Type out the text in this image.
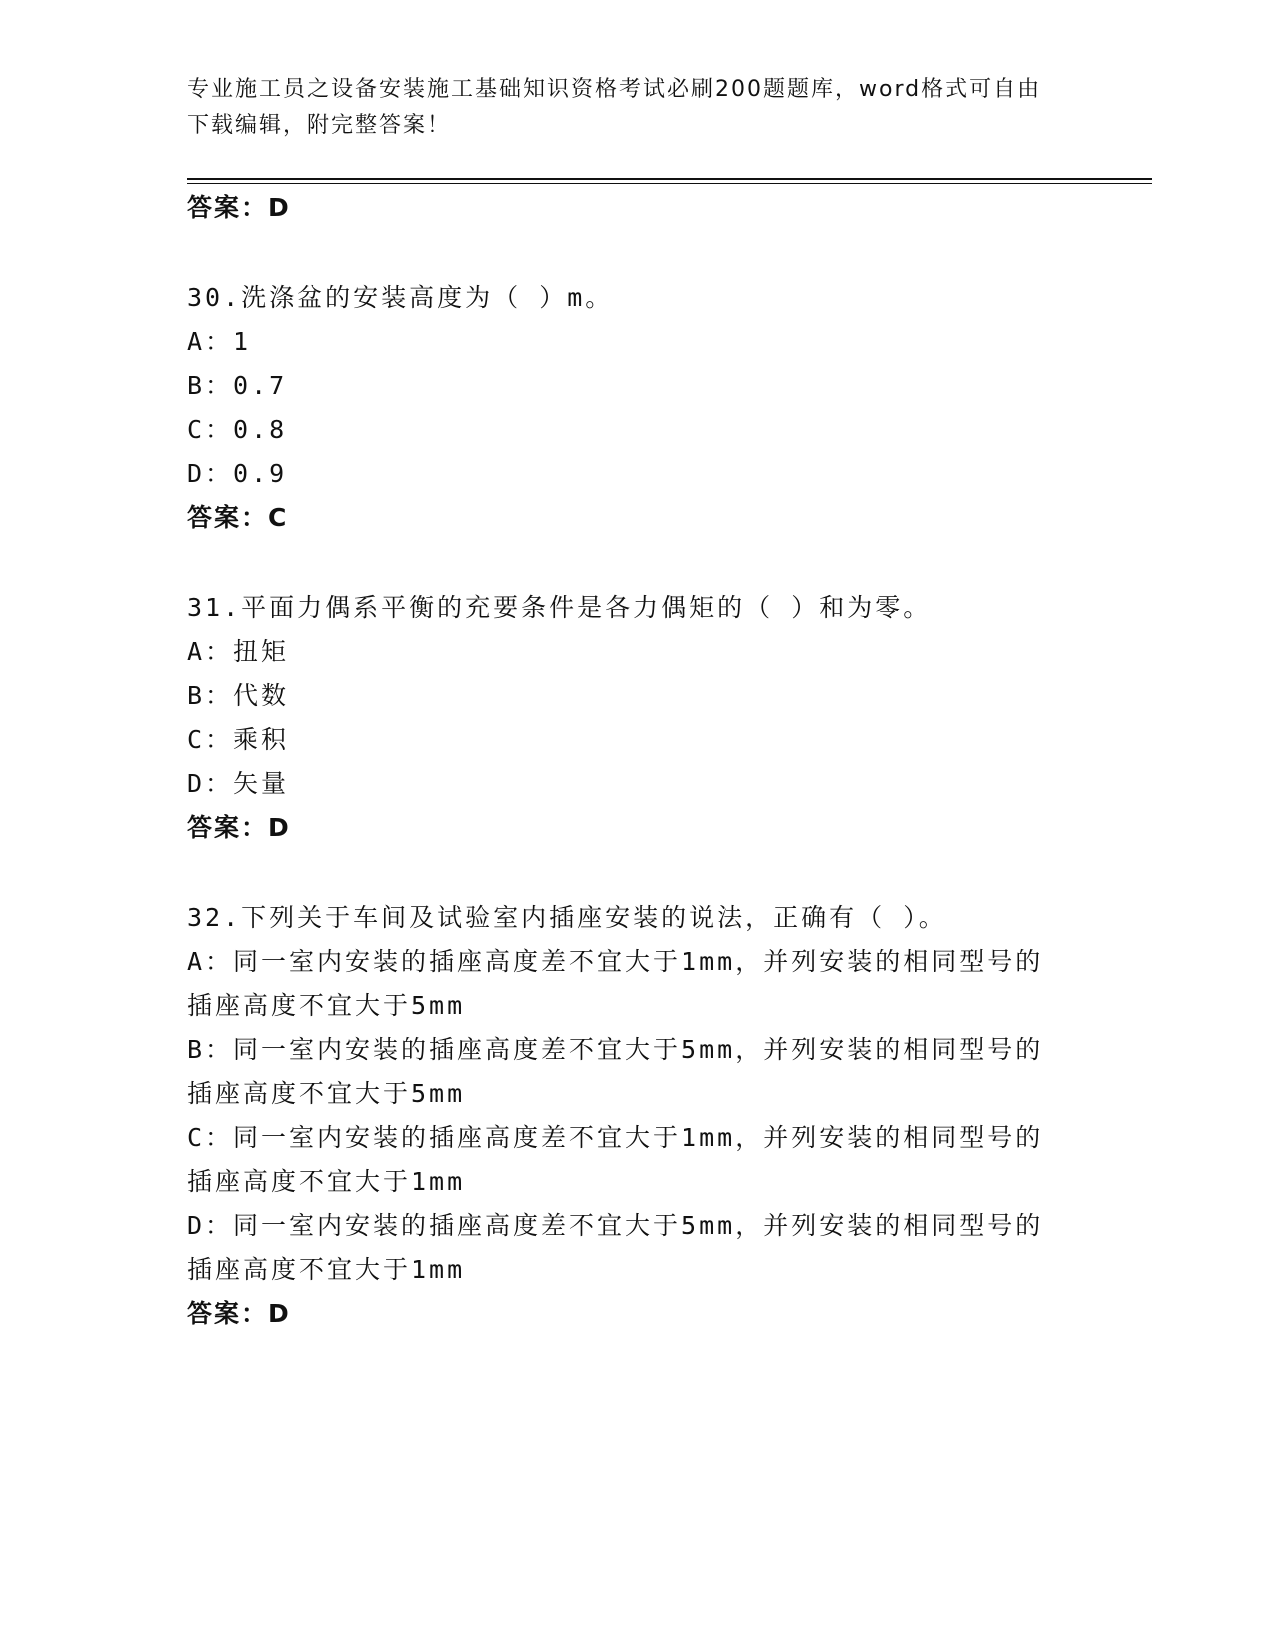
专业施工员之设备安装施工基础知识资格考试必刷200题题库，word格式可自由
下载编辑，附完整答案！
答案：D
30.洗涤盆的安装高度为（ ）m。
A：1
B：0.7
C：0.8
D：0.9
答案：C
31.平面力偶系平衡的充要条件是各力偶矩的（ ）和为零。
A：扭矩
B：代数
C：乘积
D：矢量
答案：D
32.下列关于车间及试验室内插座安装的说法，正确有（ ）。
A：同一室内安装的插座高度差不宜大于1mm，并列安装的相同型号的
插座高度不宜大于5mm
B：同一室内安装的插座高度差不宜大于5mm，并列安装的相同型号的
插座高度不宜大于5mm
C：同一室内安装的插座高度差不宜大于1mm，并列安装的相同型号的
插座高度不宜大于1mm
D：同一室内安装的插座高度差不宜大于5mm，并列安装的相同型号的
插座高度不宜大于1mm
答案：D
